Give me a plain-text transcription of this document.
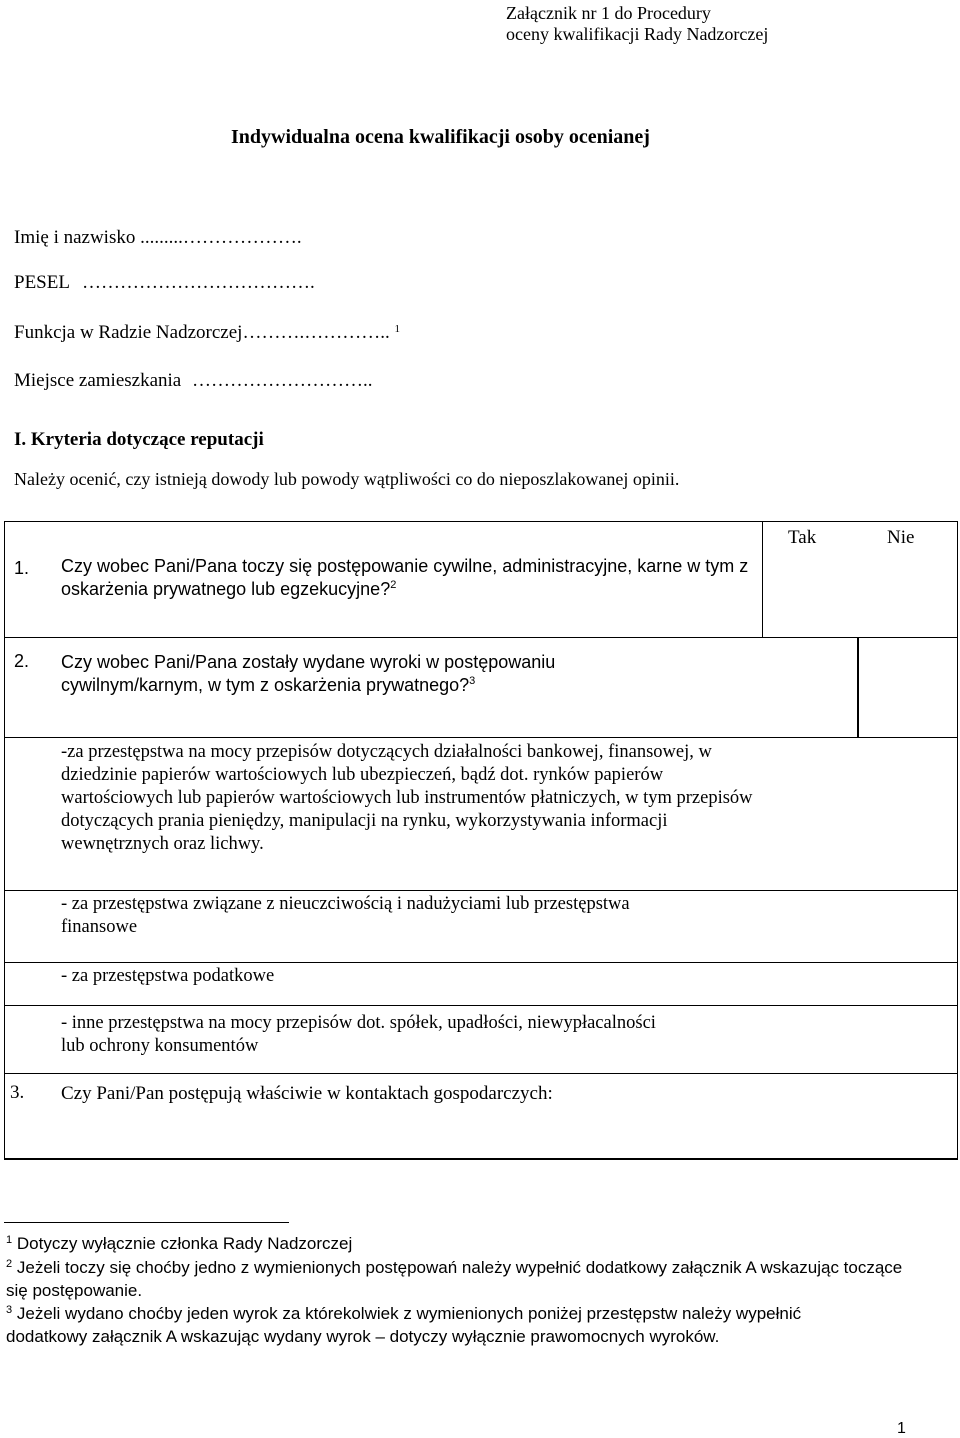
Załącznik nr 1 do Procedury
oceny kwalifikacji Rady Nadzorczej
Indywidualna ocena kwalifikacji osoby ocenianej
Imię i nazwisko .........……………….
PESEL ……………………………….
Funkcja w Radzie Nadzorczej……….………….. $^1$
Miejsce zamieszkania ………………………..
I. Kryteria dotyczące reputacji
Należy ocenić, czy istnieją dowody lub powody wątpliwości co do nieposzlakowanej opinii.
Tak	Nie
1. Czy wobec Pani/Pana toczy się postępowanie cywilne, administracyjne, karne w tym z oskarżenia prywatnego lub egzekucyjne?$^2$
2. Czy wobec Pani/Pana zostały wydane wyroki w postępowaniu cywilnym/karnym, w tym z oskarżenia prywatnego?$^3$
-za przestępstwa na mocy przepisów dotyczących działalności bankowej, finansowej, w dziedzinie papierów wartościowych lub ubezpieczeń, bądź dot. rynków papierów wartościowych lub papierów wartościowych lub instrumentów płatniczych, w tym przepisów dotyczących prania pieniędzy, manipulacji na rynku, wykorzystywania informacji wewnętrznych oraz lichwy.
- za przestępstwa związane z nieuczciwością i nadużyciami lub przestępstwa finansowe
- za przestępstwa podatkowe
- inne przestępstwa na mocy przepisów dot. spółek, upadłości, niewypłacalności lub ochrony konsumentów
3. Czy Pani/Pan postępują właściwie w kontaktach gospodarczych:
$^1$ Dotyczy wyłącznie członka Rady Nadzorczej
$^2$ Jeżeli toczy się choćby jedno z wymienionych postępowań należy wypełnić dodatkowy załącznik A wskazując toczące się postępowanie.
$^3$ Jeżeli wydano choćby jeden wyrok za którekolwiek z wymienionych poniżej przestępstw należy wypełnić dodatkowy załącznik A wskazując wydany wyrok – dotyczy wyłącznie prawomocnych wyroków.
1
